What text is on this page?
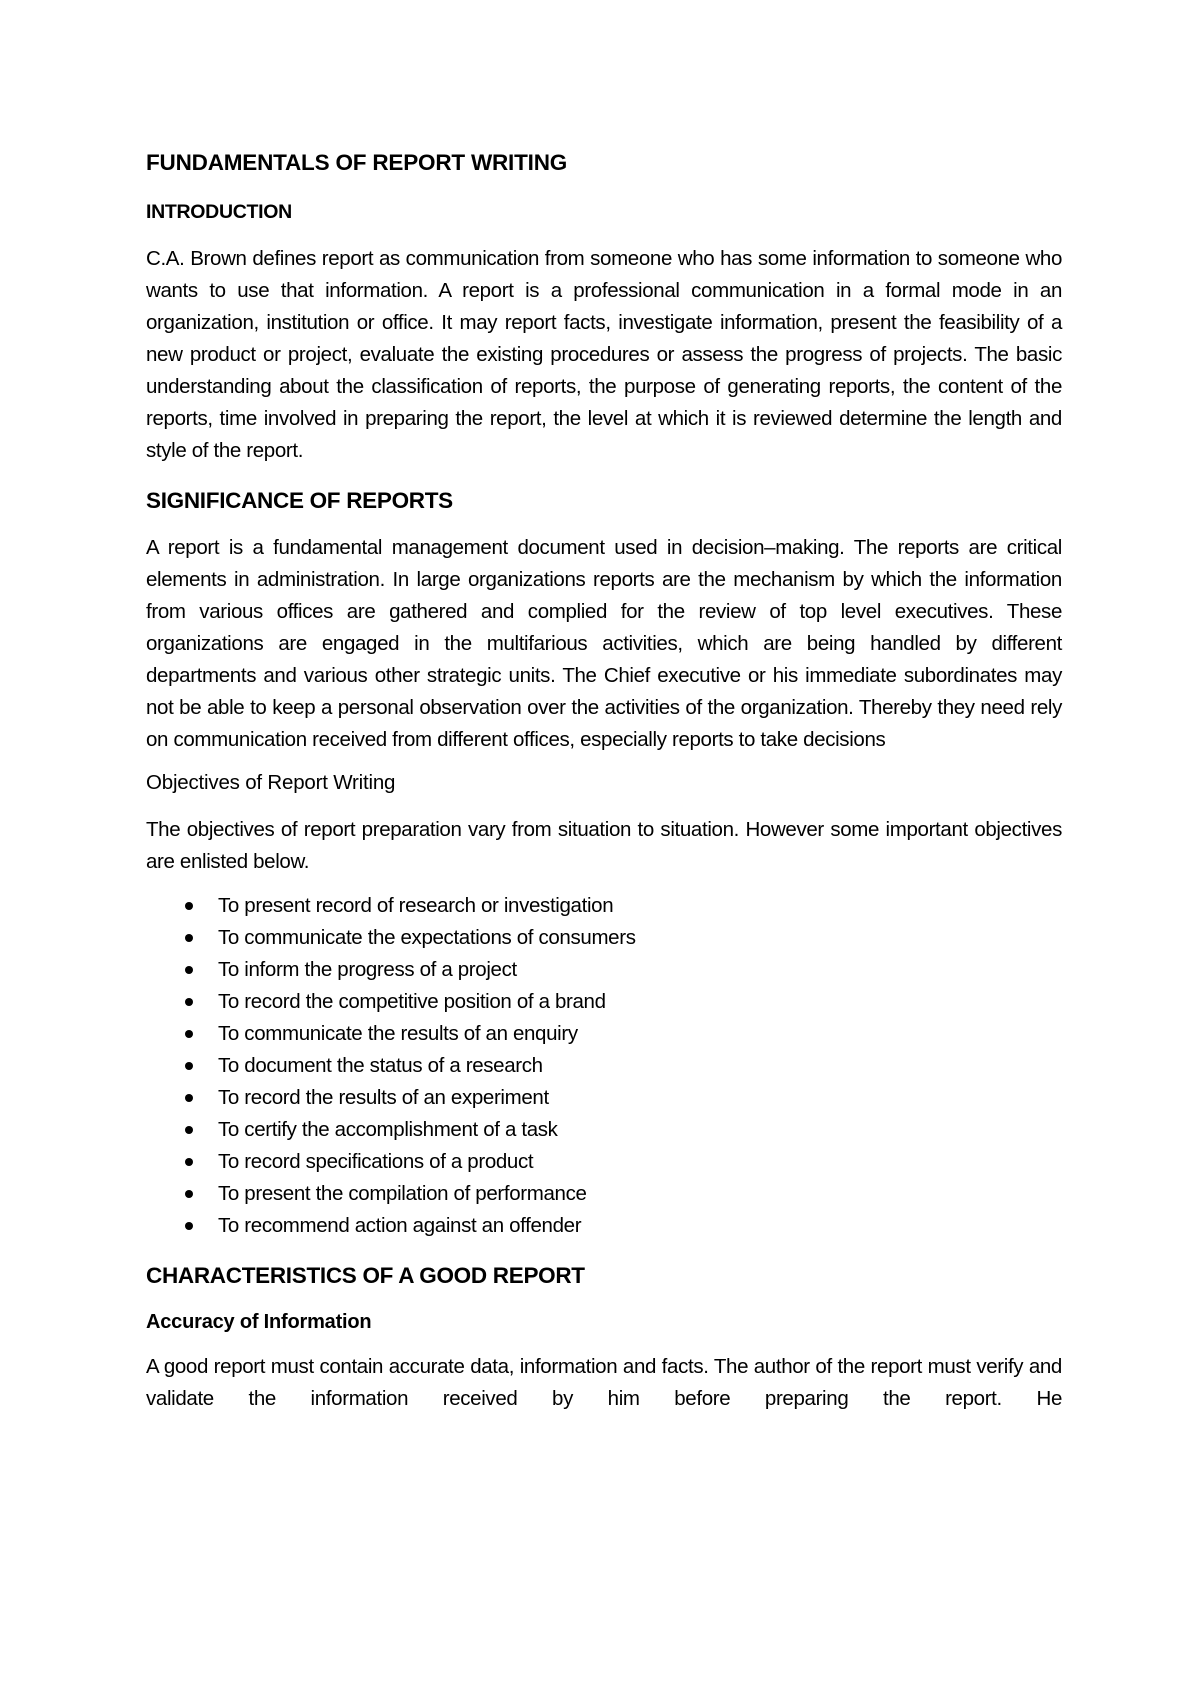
FUNDAMENTALS OF REPORT WRITING
INTRODUCTION

C.A. Brown defines report as communication from someone who has some information to someone who wants to use that information. A report is a professional communication in a formal mode in an organization, institution or office. It may report facts, investigate information, present the feasibility of a new product or project, evaluate the existing procedures or assess the progress of projects. The basic understanding about the classification of reports, the purpose of generating reports, the content of the reports, time involved in preparing the report, the level at which it is reviewed determine the length and style of the report.

SIGNIFICANCE OF REPORTS

A report is a fundamental management document used in decision–making. The reports are critical elements in administration. In large organizations reports are the mechanism by which the information from various offices are gathered and complied for the review of top level executives. These organizations are engaged in the multifarious activities, which are being handled by different departments and various other strategic units. The Chief executive or his immediate subordinates may not be able to keep a personal observation over the activities of the organization. Thereby they need rely on communication received from different offices, especially reports to take decisions

Objectives of Report Writing

The objectives of report preparation vary from situation to situation. However some important objectives are enlisted below.

To present record of research or investigation
To communicate the expectations of consumers
To inform the progress of a project
To record the competitive position of a brand
To communicate the results of an enquiry
To document the status of a research
To record the results of an experiment
To certify the accomplishment of a task
To record specifications of a product
To present the compilation of performance
To recommend action against an offender
CHARACTERISTICS OF A GOOD REPORT
Accuracy of Information

A good report must contain accurate data, information and facts. The author of the report must verify and validate the information received by him before preparing the report. He
